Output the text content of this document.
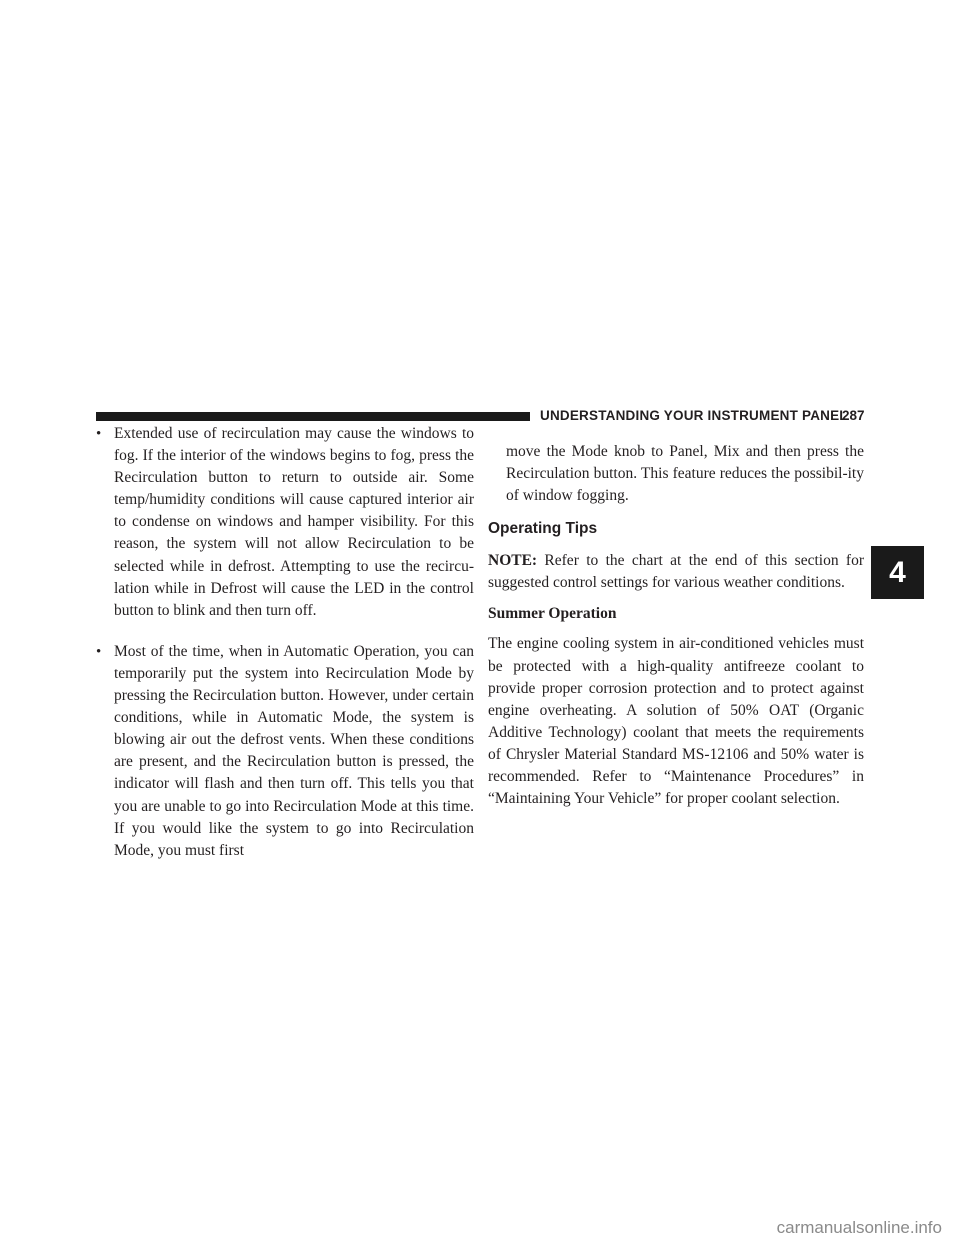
UNDERSTANDING YOUR INSTRUMENT PANEL
287
4
• Extended use of recirculation may cause the windows to fog. If the interior of the windows begins to fog, press the Recirculation button to return to outside air. Some temp/humidity conditions will cause captured interior air to condense on windows and hamper visibility. For this reason, the system will not allow Recirculation to be selected while in defrost. Attempting to use the recircu-lation while in Defrost will cause the LED in the control button to blink and then turn off.
• Most of the time, when in Automatic Operation, you can temporarily put the system into Recirculation Mode by pressing the Recirculation button. However, under certain conditions, while in Automatic Mode, the system is blowing air out the defrost vents. When these conditions are present, and the Recirculation button is pressed, the indicator will flash and then turn off. This tells you that you are unable to go into Recirculation Mode at this time. If you would like the system to go into Recirculation Mode, you must first
move the Mode knob to Panel, Mix and then press the Recirculation button. This feature reduces the possibil-ity of window fogging.
Operating Tips
NOTE: Refer to the chart at the end of this section for suggested control settings for various weather conditions.
Summer Operation
The engine cooling system in air-conditioned vehicles must be protected with a high-quality antifreeze coolant to provide proper corrosion protection and to protect against engine overheating. A solution of 50% OAT (Organic Additive Technology) coolant that meets the requirements of Chrysler Material Standard MS-12106 and 50% water is recommended. Refer to “Maintenance Procedures” in “Maintaining Your Vehicle” for proper coolant selection.
carmanualsonline.info
